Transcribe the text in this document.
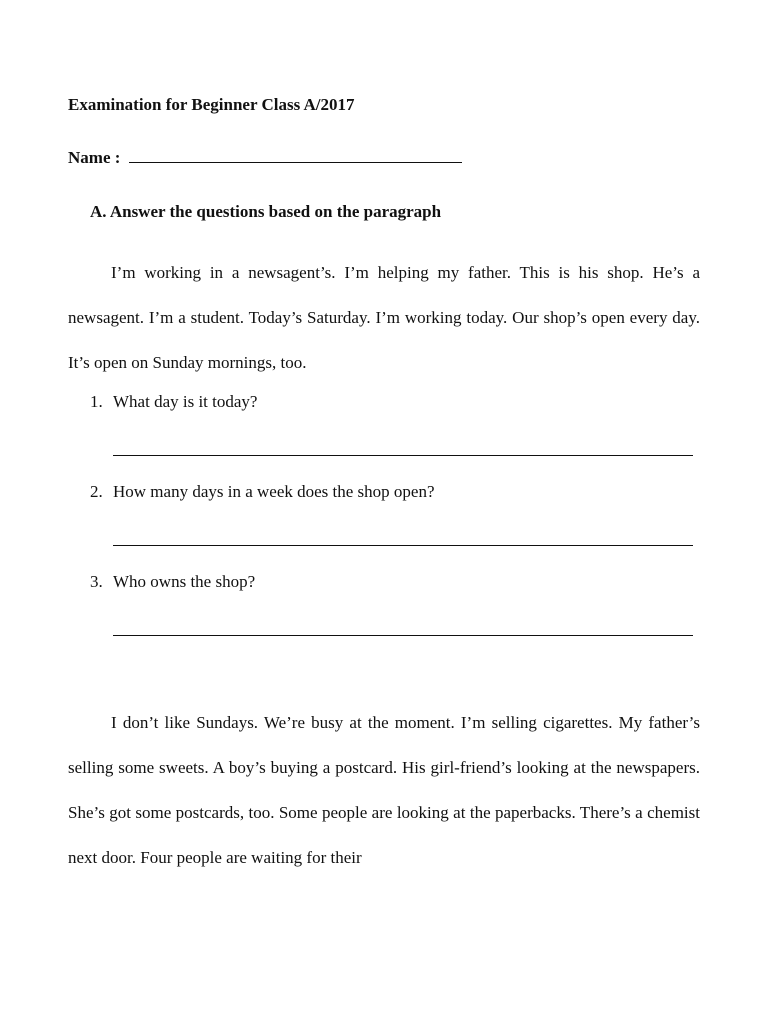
Examination for Beginner Class A/2017
Name :
A. Answer the questions based on the paragraph

I’m working in a newsagent’s. I’m helping my father. This is his shop. He’s a newsagent. I’m a student. Today’s Saturday. I’m working today. Our shop’s open every day. It’s open on Sunday mornings, too.

1. What day is it today?
2. How many days in a week does the shop open?
3. Who owns the shop?

I don’t like Sundays. We’re busy at the moment. I’m selling cigarettes. My father’s selling some sweets. A boy’s buying a postcard. His girl-friend’s looking at the newspapers. She’s got some postcards, too. Some people are looking at the paperbacks. There’s a chemist next door. Four people are waiting for their
